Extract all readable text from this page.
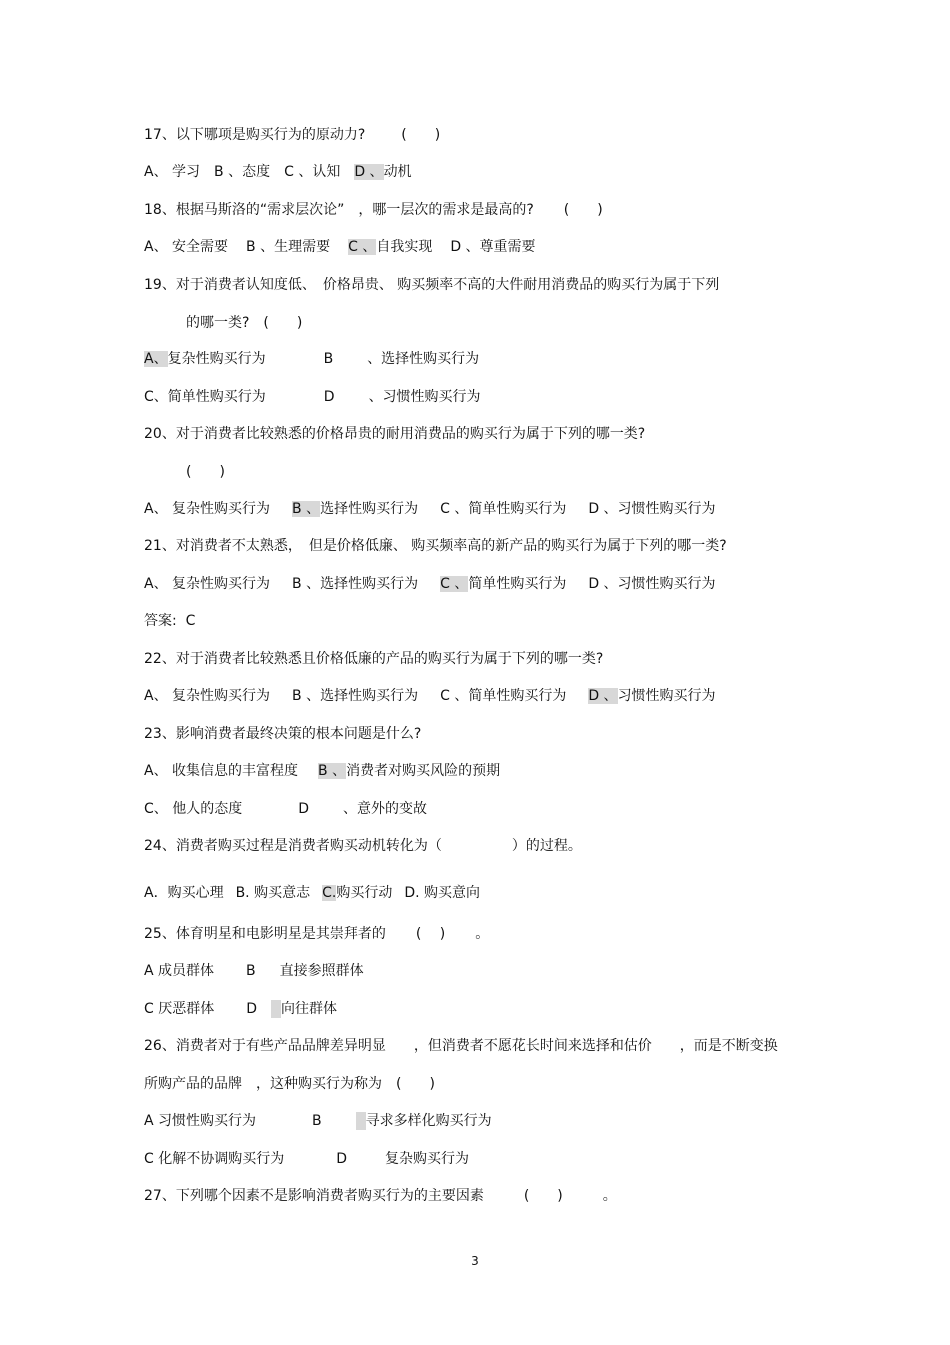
17、以下哪项是购买行为的原动力?	(　　)
A、 学习 B 、态度 C 、认知 D 、动机
18、根据马斯洛的“需求层次论”　，哪一层次的需求是最高的? (　　)
A、 安全需要 B 、生理需要 C 、自我实现 D 、尊重需要
19、对于消费者认知度低、　价格昂贵、 购买频率不高的大件耐用消费品的购买行为属于下列
的哪一类?　(　　)
A、复杂性购买行为	B 、选择性购买行为
C、简单性购买行为	D 、习惯性购买行为
20、对于消费者比较熟悉的价格昂贵的耐用消费品的购买行为属于下列的哪一类?
(　　)
A、 复杂性购买行为 B 、选择性购买行为 C 、简单性购买行为 D 、习惯性购买行为
21、对消费者不太熟悉，　但是价格低廉、 购买频率高的新产品的购买行为属于下列的哪一类?
A、 复杂性购买行为 B 、选择性购买行为 C 、简单性购买行为 D 、习惯性购买行为
答案:  C
22、对于消费者比较熟悉且价格低廉的产品的购买行为属于下列的哪一类?
A、 复杂性购买行为 B 、选择性购买行为 C 、简单性购买行为 D 、习惯性购买行为
23、影响消费者最终决策的根本问题是什么?
A、 收集信息的丰富程度 B 、消费者对购买风险的预期
C、 他人的态度	D 、意外的变故
24、消费者购买过程是消费者购买动机转化为（　　　　　）的过程。
A．购买心理 B. 购买意志 C.购买行动 D. 购买意向
25、体育明星和电影明星是其崇拜者的 (　 ) 。
A 成员群体 B 直接参照群体
C 厌恶群体 D 向往群体
26、消费者对于有些产品品牌差异明显　　，但消费者不愿花长时间来选择和估价　　，而是不断变换
所购产品的品牌　，这种购买行为称为　(　　)
A 习惯性购买行为	B	寻求多样化购买行为
C 化解不协调购买行为	D	复杂购买行为
27、下列哪个因素不是影响消费者购买行为的主要因素	(　　)	。
3
